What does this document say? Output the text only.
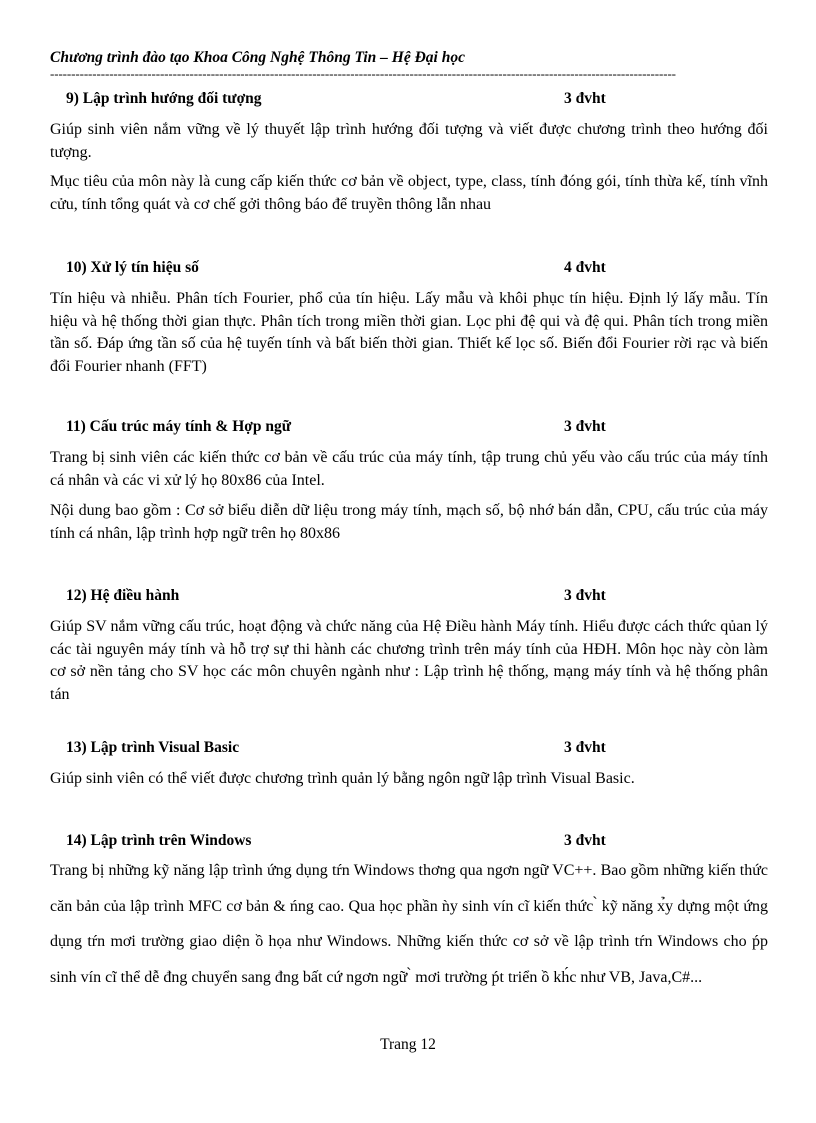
Chương trình đào tạo Khoa Công Nghệ Thông Tin – Hệ Đại học
----------------------------------------------------------------------------------------------------------------------------------------------------
9) Lập trình hướng đối tượng	3 đvht
Giúp sinh viên nắm vững về lý thuyết lập trình hướng đối tượng và viết được chương trình theo hướng đối tượng.
Mục tiêu của môn này là cung cấp kiến thức cơ bản về object, type, class, tính đóng gói, tính thừa kế, tính vĩnh cửu, tính tổng quát và cơ chế gởi thông báo để truyền thông lẫn nhau
10) Xử lý tín hiệu số	4 đvht
Tín hiệu và nhiễu. Phân tích Fourier, phổ của tín hiệu. Lấy mẫu và khôi phục tín hiệu. Định lý lấy mẫu. Tín hiệu và hệ thống thời gian thực. Phân tích trong miền thời gian. Lọc phi đệ qui và đệ qui. Phân tích trong miền tần số. Đáp ứng tần số của hệ tuyến tính và bất biến thời gian. Thiết kế lọc số. Biến đổi Fourier rời rạc và biến đổi Fourier nhanh (FFT)
11) Cấu trúc máy tính & Hợp ngữ	3 đvht
Trang bị sinh viên các kiến thức cơ bản về cấu trúc của máy tính, tập trung chủ yếu vào cấu trúc của máy tính cá nhân và các vi xử lý họ 80x86 của Intel.
Nội dung bao gồm : Cơ sở biểu diễn dữ liệu trong máy tính, mạch số, bộ nhớ bán dẫn, CPU, cấu trúc của máy tính cá nhân, lập trình hợp ngữ trên họ 80x86
12) Hệ điều hành	3 đvht
Giúp SV nắm vững cấu trúc, hoạt động và chức năng của Hệ Điều hành Máy tính. Hiểu được cách thức qủan lý các tài nguyên máy tính và hỗ trợ sự thi hành các chương trình trên máy tính của HĐH. Môn học này còn làm cơ sở nền tảng cho SV học các môn chuyên ngành như : Lập trình hệ thống, mạng máy tính và hệ thống phân tán
13) Lập trình Visual Basic	3 đvht
Giúp sinh viên có thể viết được chương trình quản lý bằng ngôn ngữ lập trình Visual Basic.
14) Lập trình trên Windows	3 đvht
Trang bị những kỹ năng lập trình ứng dụng tŕn Windows thơng qua ngơn ngữ VC++. Bao gồm những kiến thức căn bản của lập trình MFC cơ bản & ńng cao. Qua học phần ǹy sinh vín cĩ kiến thức ̀ kỹ năng x̉y dựng một ứng dụng tŕn mơi trường giao diện ồ họa như Windows. Những kiến thức cơ sở về lập trình tŕn Windows cho ṕp sinh vín cĩ thể dễ đng chuyển sang đng bất cứ ngơn ngữ ̀ mơi trường ṕt triển ồ kh́c như VB, Java,C#...
Trang 12
